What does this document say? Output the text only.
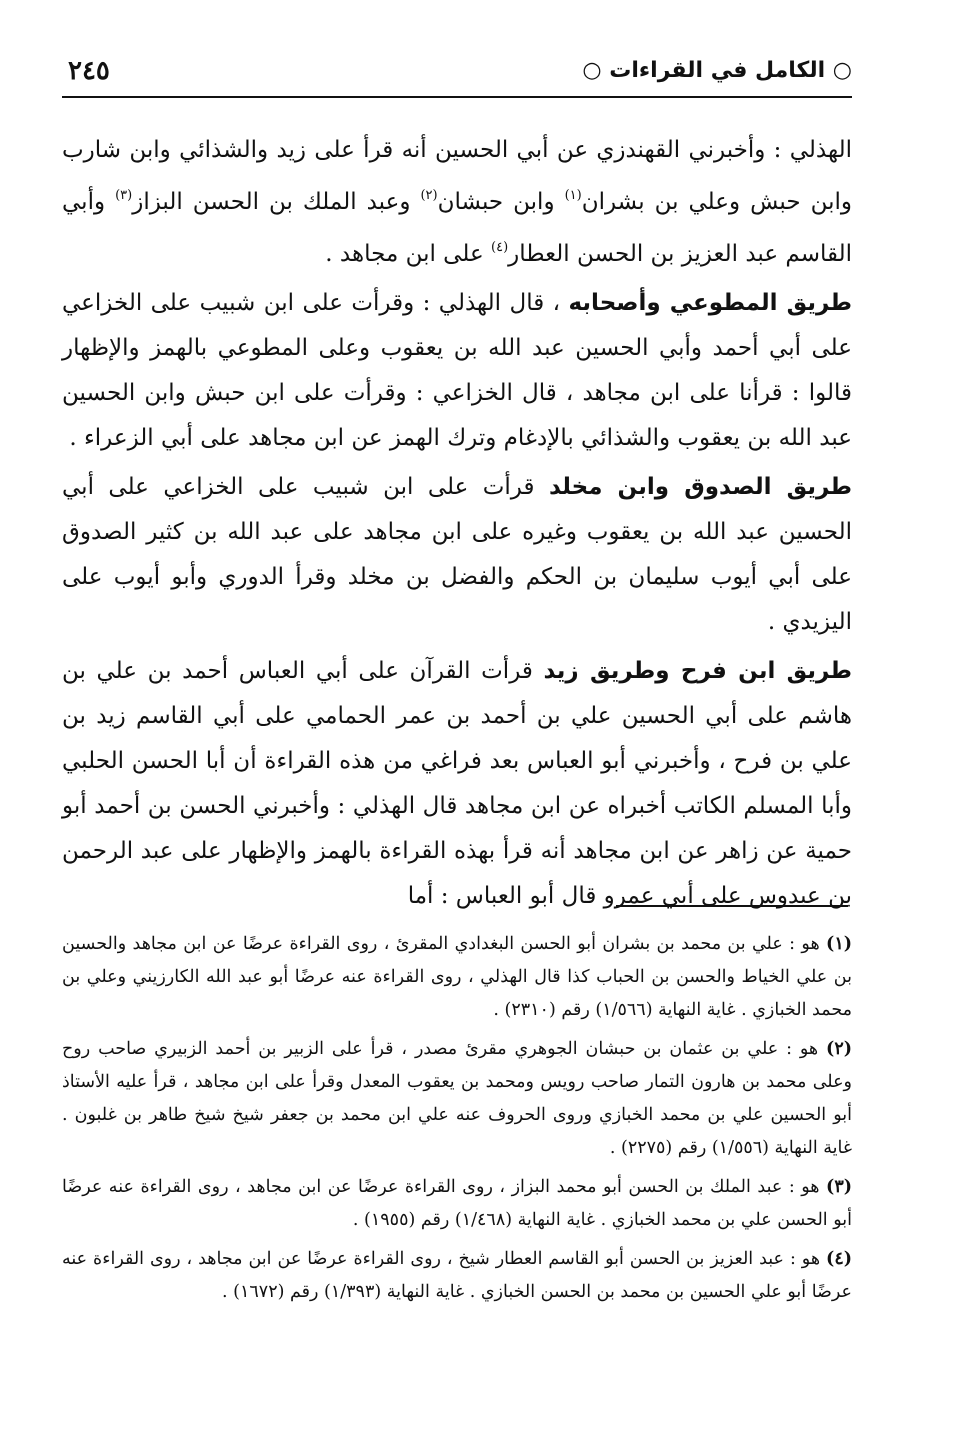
○ الكامل في القراءات ○
٢٤٥

الهذلي : وأخبرني القهندزي عن أبي الحسين أنه قرأ على زيد والشذائي وابن شارب وابن حبش وعلي بن بشران$^{(١)}$ وابن حبشان$^{(٢)}$ وعبد الملك بن الحسن البزاز$^{(٣)}$ وأبي القاسم عبد العزيز بن الحسن العطار$^{(٤)}$ على ابن مجاهد .

طريق المطوعي وأصحابه ، قال الهذلي : وقرأت على ابن شبيب على الخزاعي على أبي أحمد وأبي الحسين عبد الله بن يعقوب وعلى المطوعي بالهمز والإظهار قالوا : قرأنا على ابن مجاهد ، قال الخزاعي : وقرأت على ابن حبش وابن الحسين عبد الله بن يعقوب والشذائي بالإدغام وترك الهمز عن ابن مجاهد على أبي الزعراء .

طريق الصدوق وابن مخلد قرأت على ابن شبيب على الخزاعي على أبي الحسين عبد الله بن يعقوب وغيره على ابن مجاهد على عبد الله بن كثير الصدوق على أبي أيوب سليمان بن الحكم والفضل بن مخلد وقرأ الدوري وأبو أيوب على اليزيدي .

طريق ابن فرح وطريق زيد قرأت القرآن على أبي العباس أحمد بن علي بن هاشم على أبي الحسين علي بن أحمد بن عمر الحمامي على أبي القاسم زيد بن علي بن فرح ، وأخبرني أبو العباس بعد فراغي من هذه القراءة أن أبا الحسن الحلبي وأبا المسلم الكاتب أخبراه عن ابن مجاهد قال الهذلي : وأخبرني الحسن بن أحمد أبو حمية عن زاهر عن ابن مجاهد أنه قرأ بهذه القراءة بالهمز والإظهار على عبد الرحمن بن عبدوس على أبي عمرو قال أبو العباس : أما

(١) هو : علي بن محمد بن بشران أبو الحسن البغدادي المقرئ ، روى القراءة عرضًا عن ابن مجاهد والحسين بن علي الخياط والحسن بن الحباب كذا قال الهذلي ، روى القراءة عنه عرضًا أبو عبد الله الكارزيني وعلي بن محمد الخبازي . غاية النهاية (١/٥٦٦) رقم (٢٣١٠) .

(٢) هو : علي بن عثمان بن حبشان الجوهري مقرئ مصدر ، قرأ على الزبير بن أحمد الزبيري صاحب روح وعلى محمد بن هارون التمار صاحب رويس ومحمد بن يعقوب المعدل وقرأ على ابن مجاهد ، قرأ عليه الأستاذ أبو الحسين علي بن محمد الخبازي وروى الحروف عنه علي ابن محمد بن جعفر شيخ شيخ طاهر بن غلبون . غاية النهاية (١/٥٥٦) رقم (٢٢٧٥) .

(٣) هو : عبد الملك بن الحسن أبو محمد البزاز ، روى القراءة عرضًا عن ابن مجاهد ، روى القراءة عنه عرضًا أبو الحسن علي بن محمد الخبازي . غاية النهاية (١/٤٦٨) رقم (١٩٥٥) .

(٤) هو : عبد العزيز بن الحسن أبو القاسم العطار شيخ ، روى القراءة عرضًا عن ابن مجاهد ، روى القراءة عنه عرضًا أبو علي الحسين بن محمد بن الحسن الخبازي . غاية النهاية (١/٣٩٣) رقم (١٦٧٢) .
